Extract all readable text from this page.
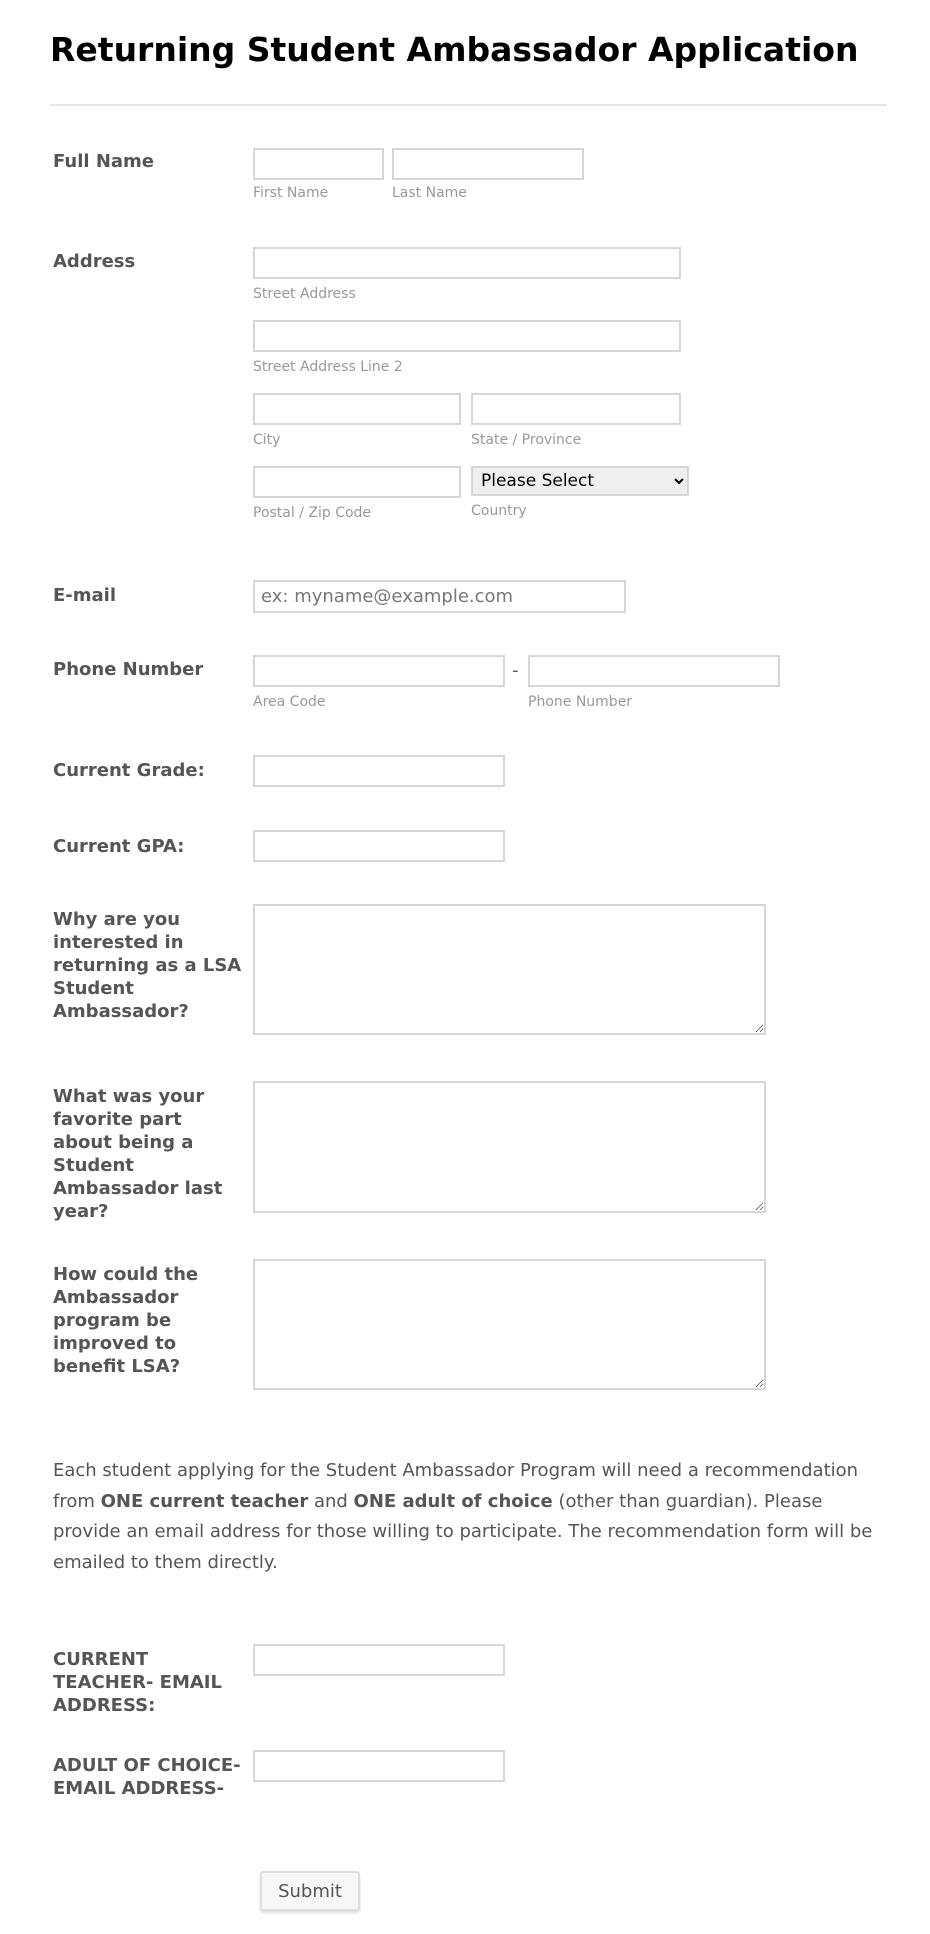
Returning Student Ambassador Application
Full Name
First Name	Last Name
Address
Street Address
Street Address Line 2
City	State / Province
Please Select
Postal / Zip Code	Country
E-mail
ex: myname@example.com
Phone Number	-
Area Code	Phone Number
Current Grade:
Current GPA:
Why are you interested in returning as a LSA Student Ambassador?
What was your favorite part about being a Student Ambassador last year?
How could the Ambassador program be improved to benefit LSA?
Each student applying for the Student Ambassador Program will need a recommendation from ONE current teacher and ONE adult of choice (other than guardian). Please provide an email address for those willing to participate. The recommendation form will be emailed to them directly.
CURRENT TEACHER- EMAIL ADDRESS:
ADULT OF CHOICE- EMAIL ADDRESS-
Submit
